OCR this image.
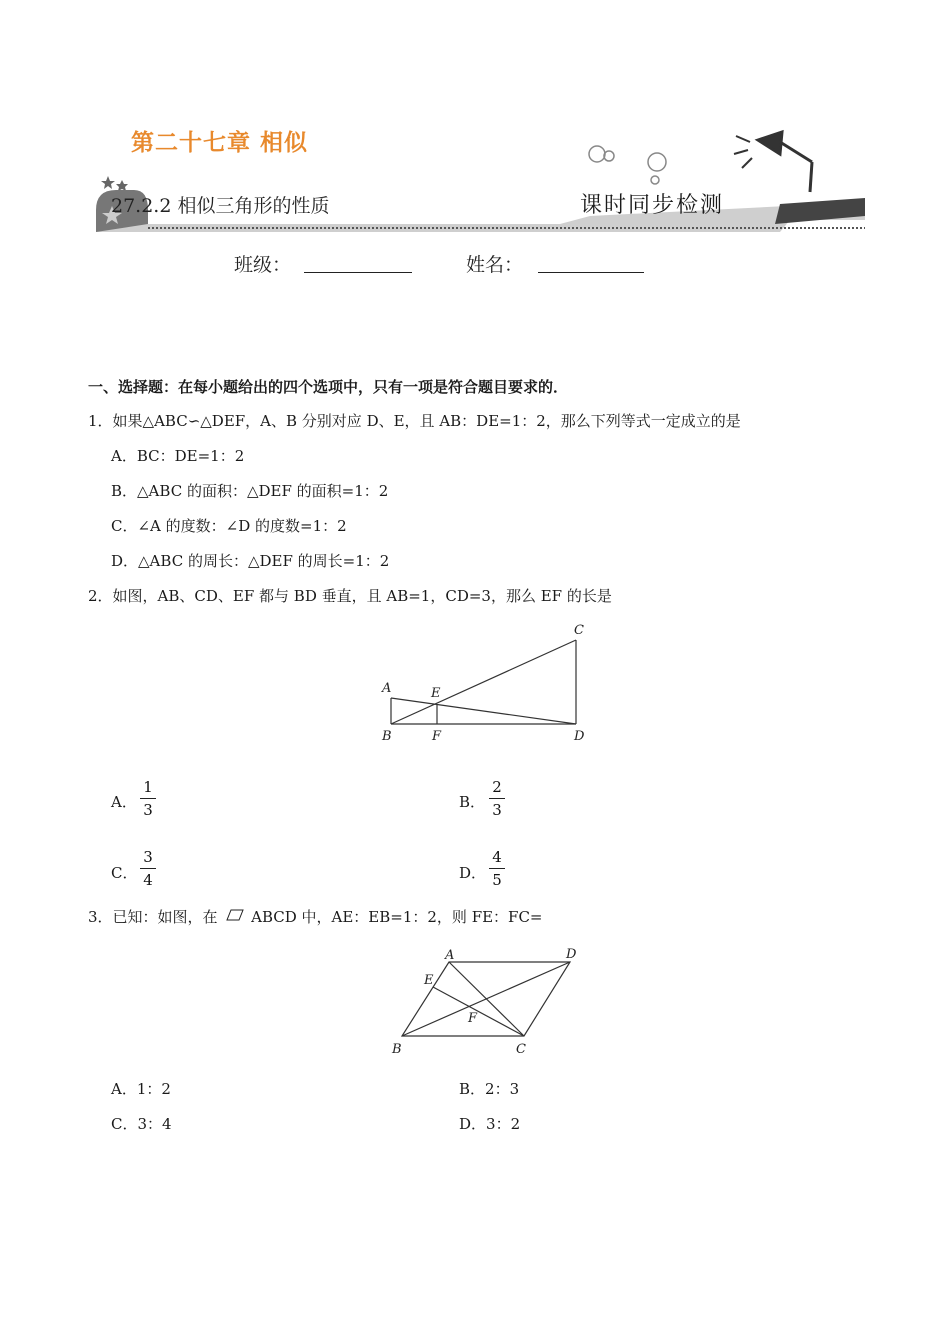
第二十七章 相似
27.2.2 相似三角形的性质	课时同步检测
班级：	姓名：
一、选择题：在每小题给出的四个选项中，只有一项是符合题目要求的．
1．如果△ABC∽△DEF，A、B 分别对应 D、E，且 AB：DE=1：2，那么下列等式一定成立的是
A．BC：DE=1：2
B．△ABC 的面积：△DEF 的面积=1：2
C．∠A 的度数：∠D 的度数=1：2
D．△ABC 的周长：△DEF 的周长=1：2
2．如图，AB、CD、EF 都与 BD 垂直，且 AB=1，CD=3，那么 EF 的长是
A
B
C
D
E
F
A．
1
3	B．
2
3
C．
3
4	D．
4
5
3．已知：如图，在 ABCD 中，AE：EB=1：2，则 FE：FC=
A	D
E
F
B	C
A．1：2	B．2：3
C．3：4	D．3：2
